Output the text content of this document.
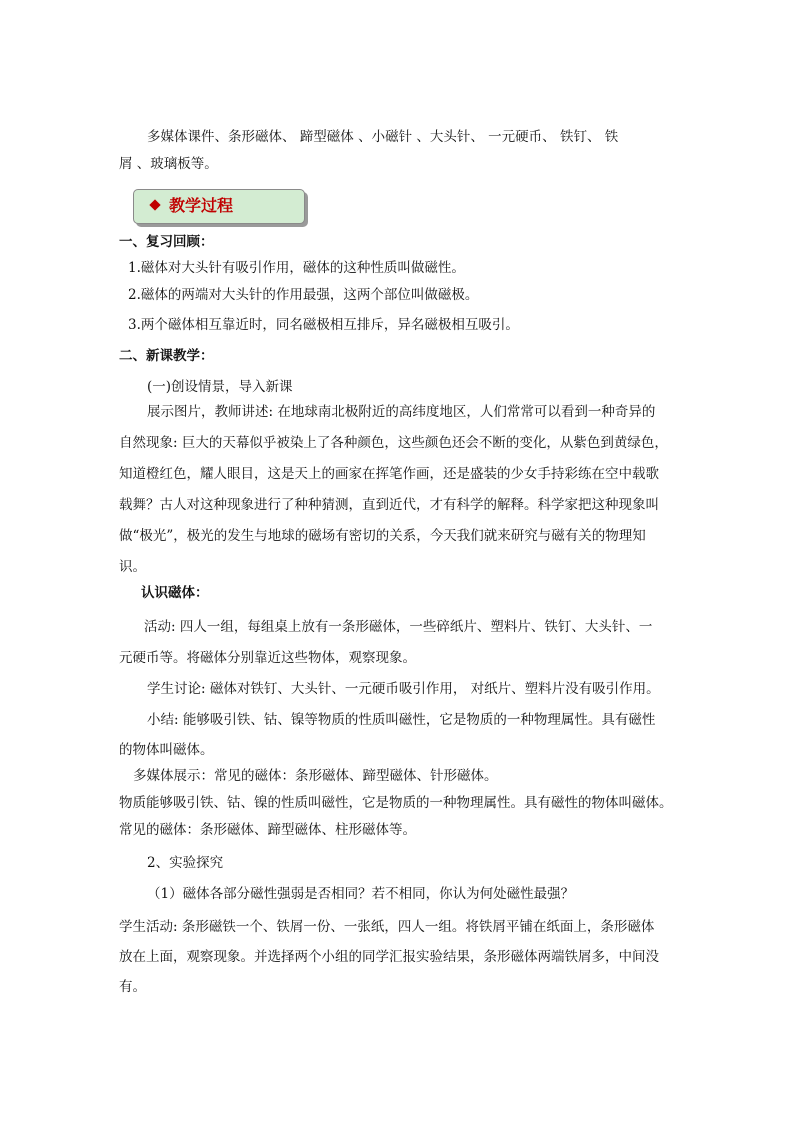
多媒体课件、条形磁体、 蹄型磁体 、小磁针 、大头针、 一元硬币、 铁钉、 铁
屑 、玻璃板等。
教学过程
一、复习回顾：
1.磁体对大头针有吸引作用，磁体的这种性质叫做磁性。
2.磁体的两端对大头针的作用最强，这两个部位叫做磁极。
3.两个磁体相互靠近时，同名磁极相互排斥，异名磁极相互吸引。
二、新课教学：
(一)创设情景，导入新课
展示图片，教师讲述: 在地球南北极附近的高纬度地区，人们常常可以看到一种奇异的
自然现象: 巨大的天幕似乎被染上了各种颜色，这些颜色还会不断的变化，从紫色到黄绿色，
知道橙红色，耀人眼目，这是天上的画家在挥笔作画，还是盛装的少女手持彩练在空中载歌
载舞？古人对这种现象进行了种种猜测，直到近代，才有科学的解释。科学家把这种现象叫
做“极光”，极光的发生与地球的磁场有密切的关系，今天我们就来研究与磁有关的物理知
识。
认识磁体：
活动: 四人一组，每组桌上放有一条形磁体，一些碎纸片、塑料片、铁钉、大头针、一
元硬币等。将磁体分别靠近这些物体，观察现象。
学生讨论: 磁体对铁钉、大头针、一元硬币吸引作用， 对纸片、塑料片没有吸引作用。
小结: 能够吸引铁、钴、镍等物质的性质叫磁性，它是物质的一种物理属性。具有磁性
的物体叫磁体。
多媒体展示：常见的磁体：条形磁体、蹄型磁体、针形磁体。
物质能够吸引铁、钴、镍的性质叫磁性，它是物质的一种物理属性。具有磁性的物体叫磁体。
常见的磁体：条形磁体、蹄型磁体、柱形磁体等。
2、实验探究
（1）磁体各部分磁性强弱是否相同？若不相同，你认为何处磁性最强？
学生活动: 条形磁铁一个、铁屑一份、一张纸，四人一组。将铁屑平铺在纸面上，条形磁体
放在上面，观察现象。并选择两个小组的同学汇报实验结果，条形磁体两端铁屑多，中间没
有。
